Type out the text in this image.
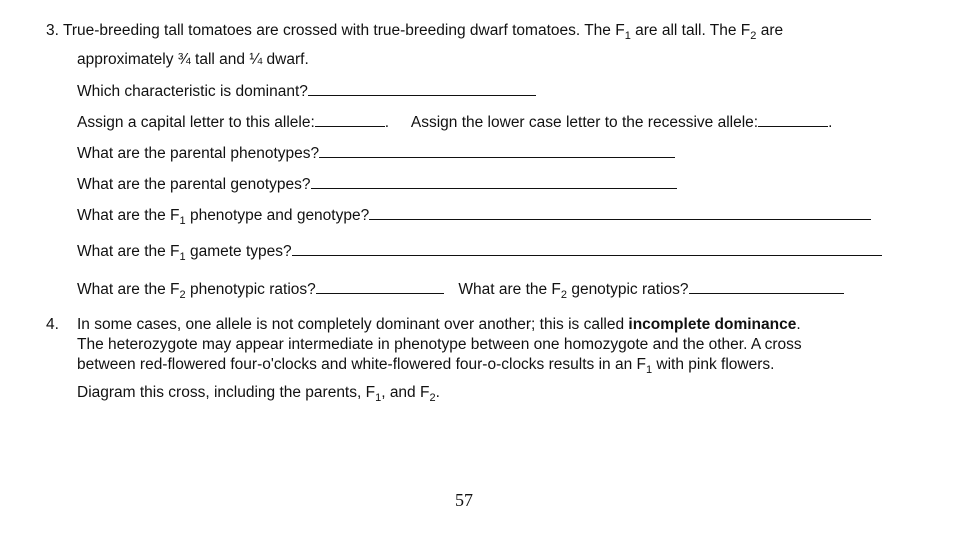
3. True-breeding tall tomatoes are crossed with true-breeding dwarf tomatoes. The $F_1$ are all tall. The $F_2$ are
approximately ¾ tall and ¼ dwarf.
Which characteristic is dominant?
Assign a capital letter to this allele:	. Assign the lower case letter to the recessive allele:	.
What are the parental phenotypes?
What are the parental genotypes?
What are the $F_1$ phenotype and genotype?
What are the $F_1$ gamete types?
What are the $F_2$ phenotypic ratios?	What are the $F_2$ genotypic ratios?
4. In some cases, one allele is not completely dominant over another; this is called incomplete dominance.
The heterozygote may appear intermediate in phenotype between one homozygote and the other. A cross
between red-flowered four-o'clocks and white-flowered four-o-clocks results in an $F_1$ with pink flowers.
Diagram this cross, including the parents, $F_1$, and $F_2$.
57
